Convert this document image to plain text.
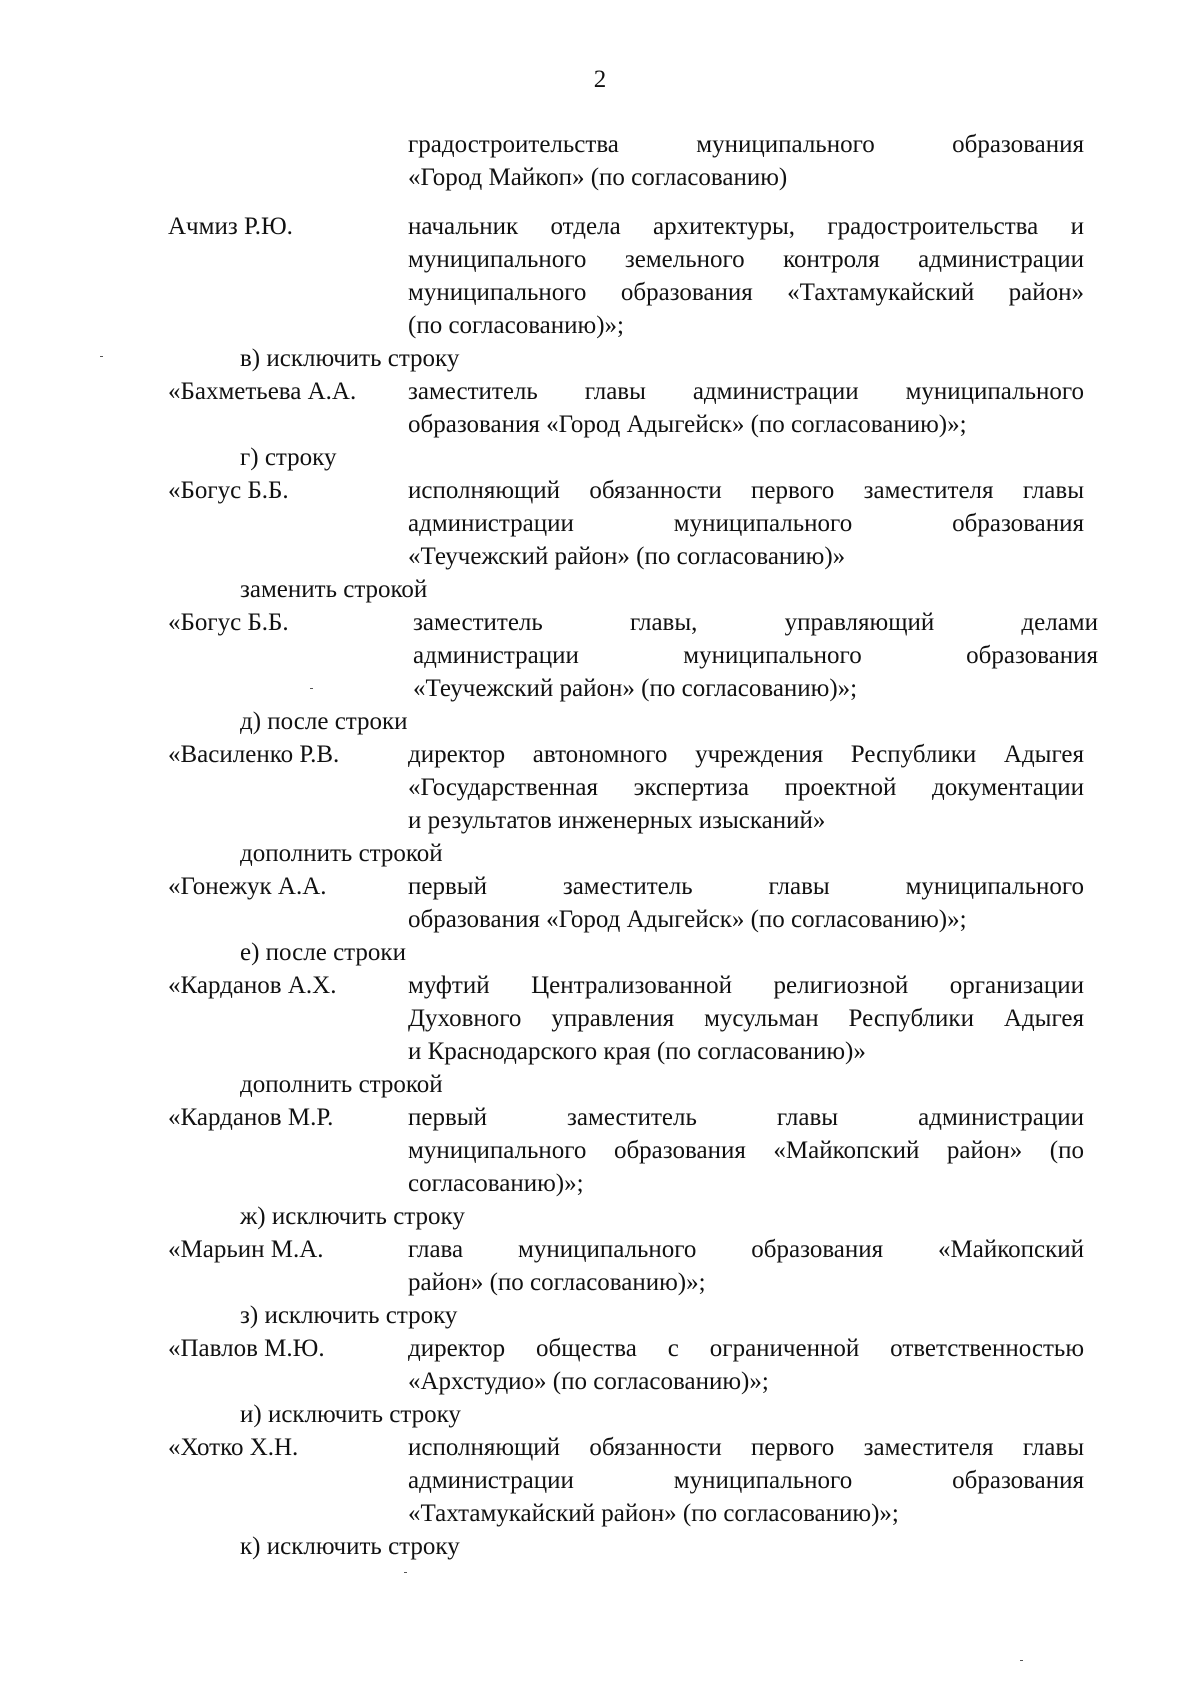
2
градостроительства муниципального образования
«Город Майкоп» (по согласованию)
Ачмиз Р.Ю.	начальник отдела архитектуры, градостроительства и
муниципального земельного контроля администрации
муниципального образования «Тахтамукайский район»
(по согласованию)»;
в) исключить строку
«Бахметьева А.А. заместитель главы администрации муниципального
образования «Город Адыгейск» (по согласованию)»;
г) строку
«Богус Б.Б.	исполняющий обязанности первого заместителя главы
администрации муниципального образования
«Теучежский район» (по согласованию)»
заменить строкой
«Богус Б.Б.	заместитель главы, управляющий делами
администрации муниципального образования
«Теучежский район» (по согласованию)»;
д) после строки
«Василенко Р.В.	директор автономного учреждения Республики Адыгея
«Государственная экспертиза проектной документации
и результатов инженерных изысканий»
дополнить строкой
«Гонежук А.А.	первый заместитель главы муниципального
образования «Город Адыгейск» (по согласованию)»;
е) после строки
«Карданов А.Х.	муфтий Централизованной религиозной организации
Духовного управления мусульман Республики Адыгея
и Краснодарского края (по согласованию)»
дополнить строкой
«Карданов М.Р.	первый заместитель главы администрации
муниципального образования «Майкопский район» (по
согласованию)»;
ж) исключить строку
«Марьин М.А.	глава муниципального образования «Майкопский
район» (по согласованию)»;
з) исключить строку
«Павлов М.Ю.	директор общества с ограниченной ответственностью
«Архстудио» (по согласованию)»;
и) исключить строку
«Хотко Х.Н.	исполняющий обязанности первого заместителя главы
администрации муниципального образования
«Тахтамукайский район» (по согласованию)»;
к) исключить строку
